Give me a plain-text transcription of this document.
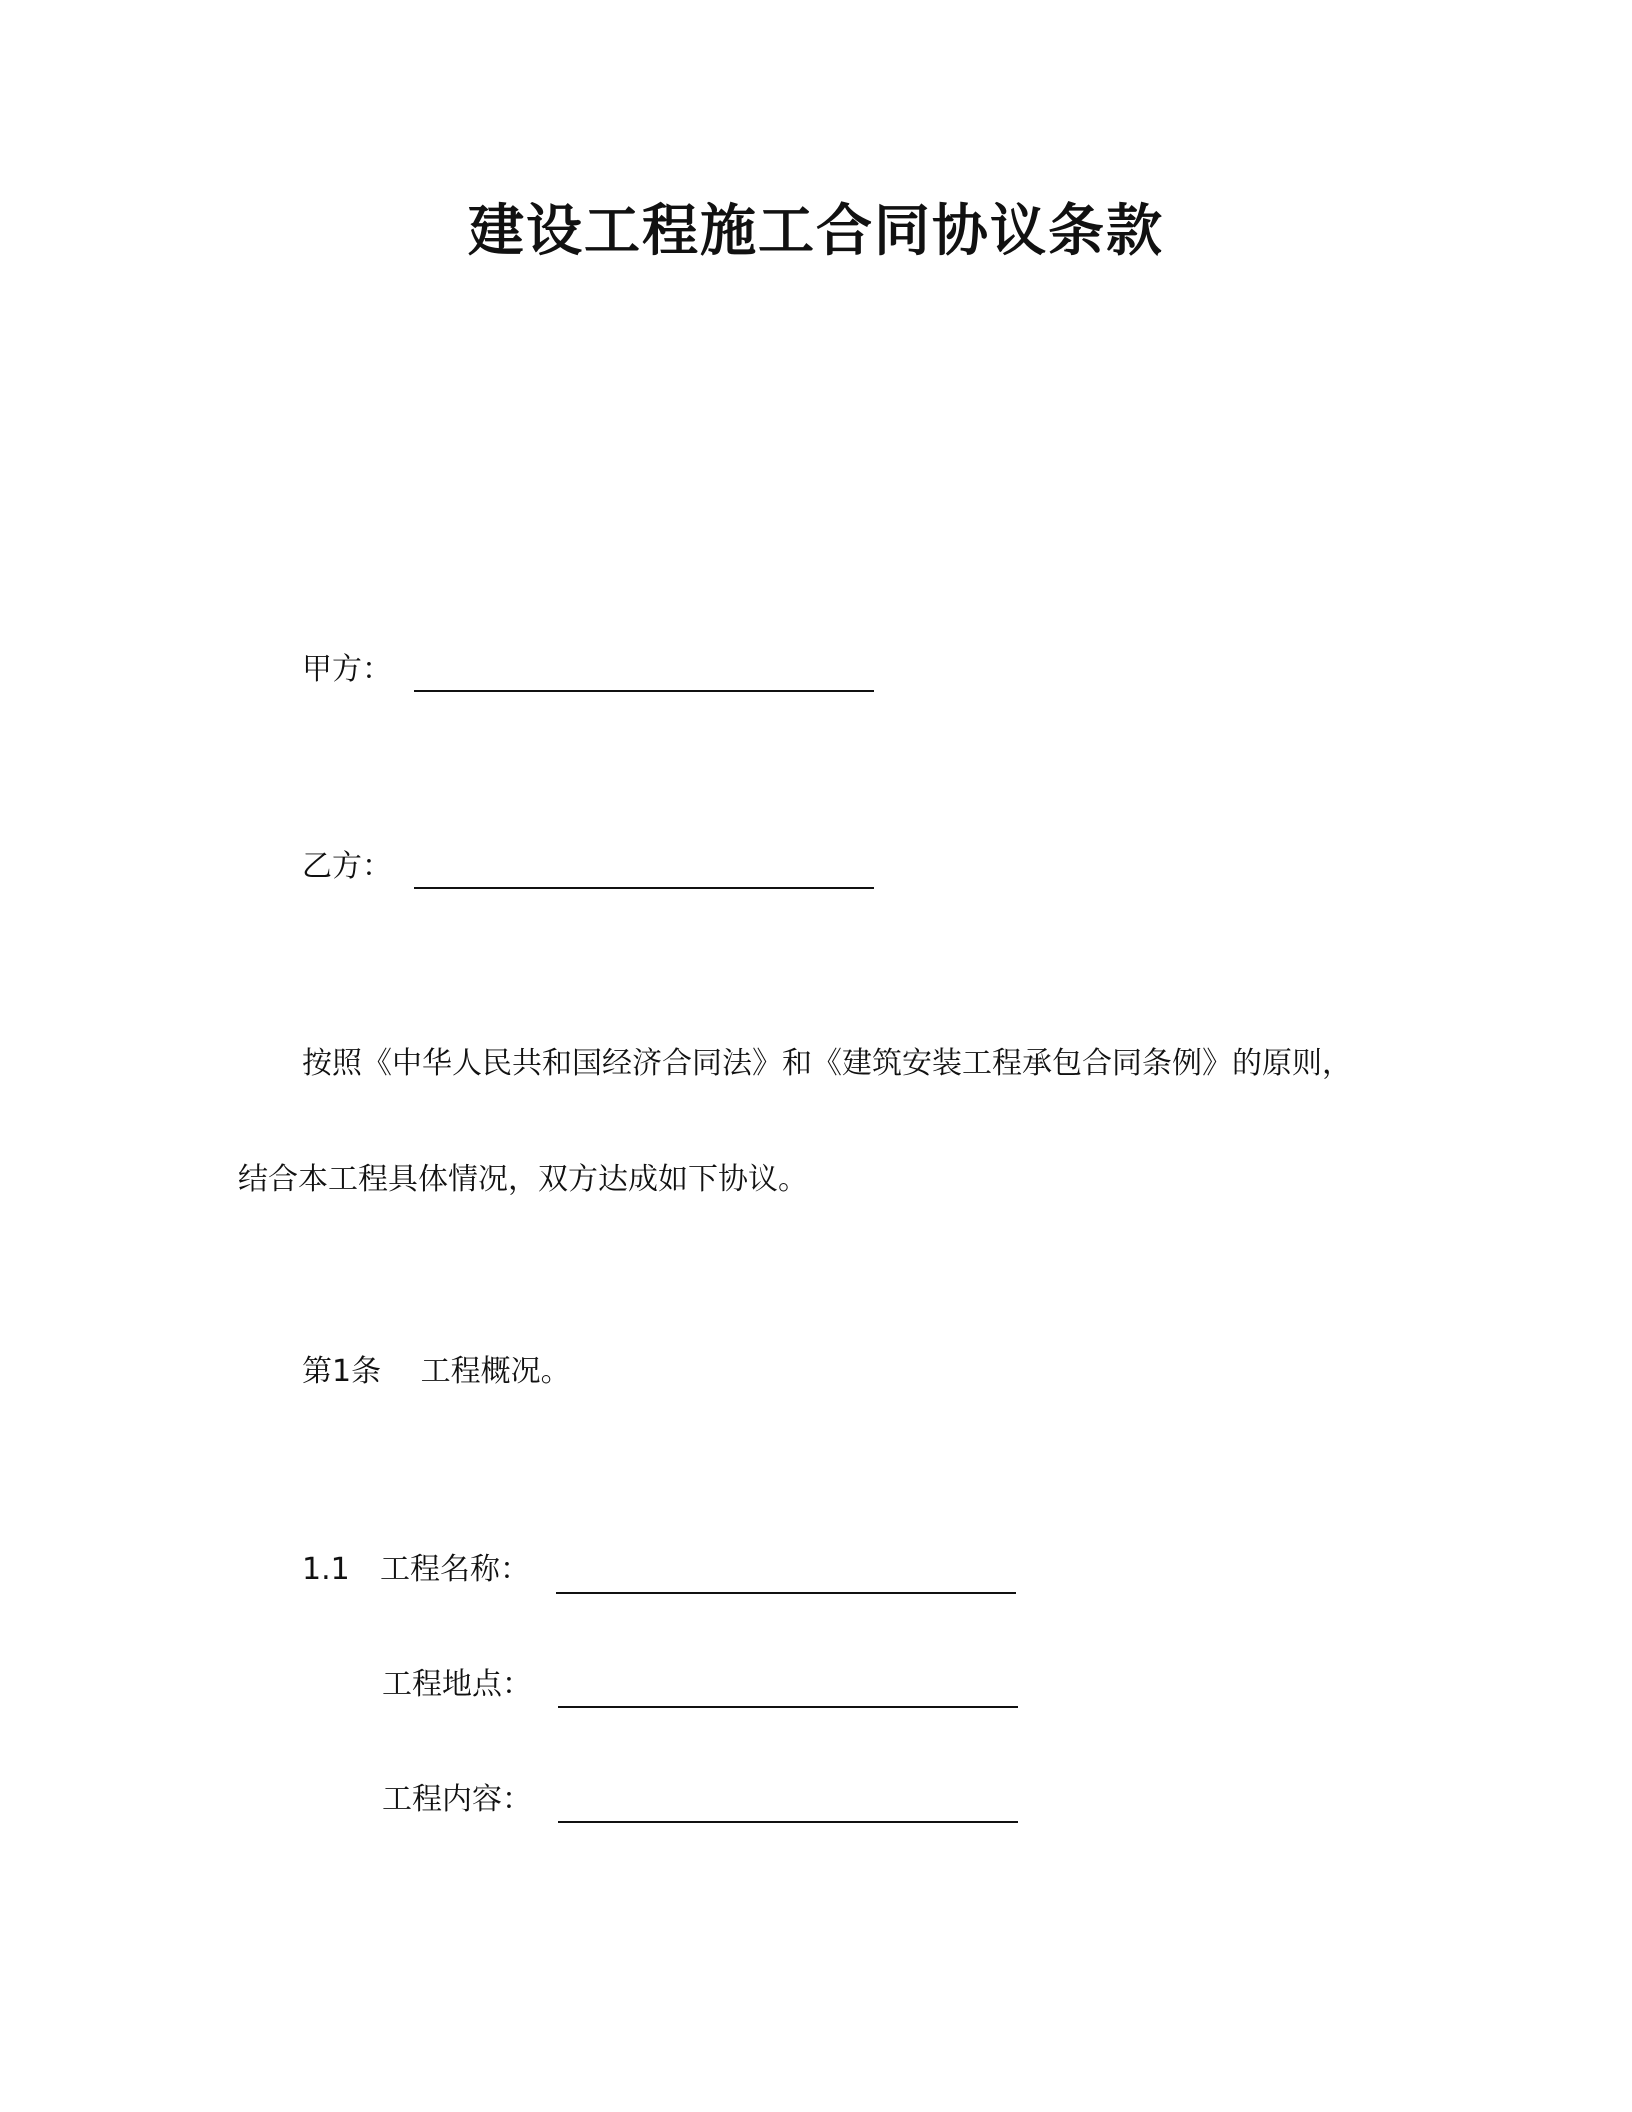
建设工程施工合同协议条款
甲方：
乙方：
按照《中华人民共和国经济合同法》和《建筑安装工程承包合同条例》的原则，
结合本工程具体情况，双方达成如下协议。
第1条　 工程概况。
1.1 工程名称：
工程地点：
工程内容：
